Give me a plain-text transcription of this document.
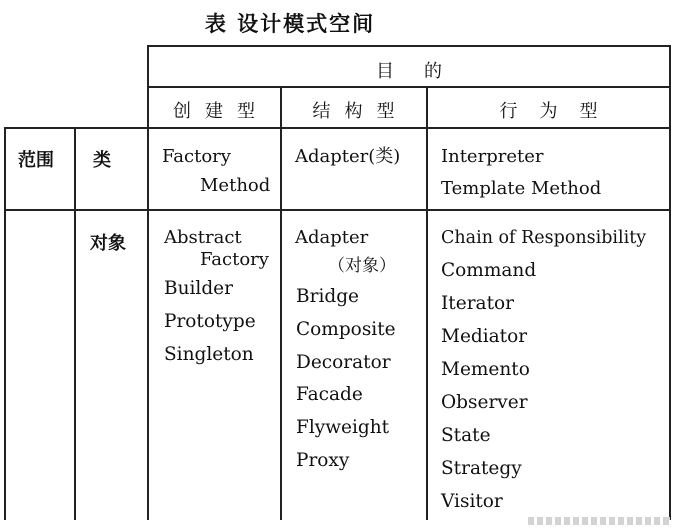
表 设计模式空间
目的
创建型	结构型	行为型
范围 类
对象
Factory
Method
Adapter(类) Interpreter
Template Method
Abstract
Factory
Builder
Prototype
Singleton
Adapter
（对象）
Bridge
Composite
Decorator
Facade
Flyweight
Proxy
Chain of Responsibility
Command
Iterator
Mediator
Memento
Observer
State
Strategy
Visitor
